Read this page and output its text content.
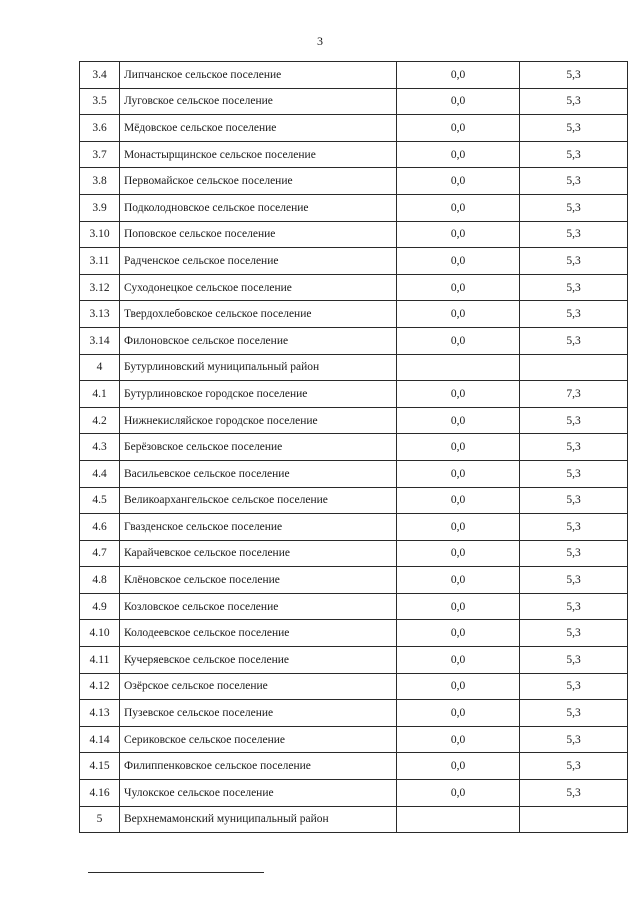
3
3.4	Липчанское сельское поселение	0,0	5,3
3.5	Луговское сельское поселение	0,0	5,3
3.6	Мёдовское сельское поселение	0,0	5,3
3.7	Монастырщинское сельское поселение	0,0	5,3
3.8	Первомайское сельское поселение	0,0	5,3
3.9	Подколодновское сельское поселение	0,0	5,3
3.10	Поповское сельское поселение	0,0	5,3
3.11	Радченское сельское поселение	0,0	5,3
3.12	Суходонецкое сельское поселение	0,0	5,3
3.13	Твердохлебовское сельское поселение	0,0	5,3
3.14	Филоновское сельское поселение	0,0	5,3
4	Бутурлиновский муниципальный район		
4.1	Бутурлиновское городское поселение	0,0	7,3
4.2	Нижнекисляйское городское поселение	0,0	5,3
4.3	Берёзовское сельское поселение	0,0	5,3
4.4	Васильевское сельское поселение	0,0	5,3
4.5	Великоархангельское сельское поселение	0,0	5,3
4.6	Гвазденское сельское поселение	0,0	5,3
4.7	Карайчевское сельское поселение	0,0	5,3
4.8	Клёновское сельское поселение	0,0	5,3
4.9	Козловское сельское поселение	0,0	5,3
4.10	Колодеевское сельское поселение	0,0	5,3
4.11	Кучеряевское сельское поселение	0,0	5,3
4.12	Озёрское сельское поселение	0,0	5,3
4.13	Пузевское сельское поселение	0,0	5,3
4.14	Сериковское сельское поселение	0,0	5,3
4.15	Филиппенковское сельское поселение	0,0	5,3
4.16	Чулокское сельское поселение	0,0	5,3
5	Верхнемамонский муниципальный район		
